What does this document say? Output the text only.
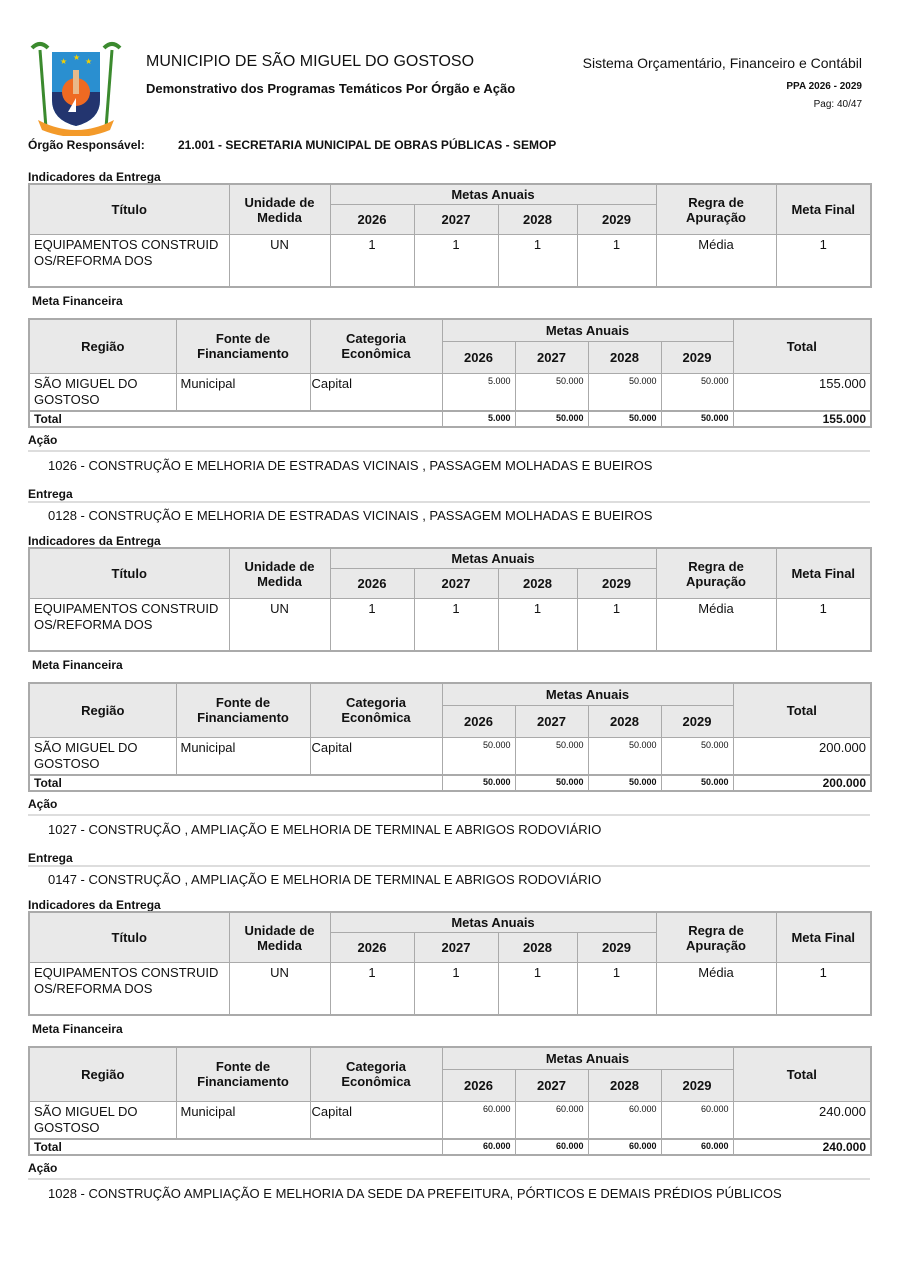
★ ★
★	MUNICIPIO DE SÃO MIGUEL DO GOSTOSO
Demonstrativo dos Programas Temáticos Por Órgão e Ação
Sistema Orçamentário, Financeiro e Contábil
PPA 2026 - 2029
Pag: 40/47
Órgão Responsável:	21.001 - SECRETARIA MUNICIPAL DE OBRAS PÚBLICAS - SEMOP
Indicadores da Entrega
Título	Unidade de Medida	Metas Anuais				Regra de Apuração	Meta Final
		2026	2027	2028	2029		
EQUIPAMENTOS CONSTRUIDOS/REFORMA DOS	UN	1	1	1	1	Média	1
Meta Financeira
Região	Fonte de Financiamento	Categoria Econômica	Metas Anuais				Total
			2026	2027	2028	2029	
SÃO MIGUEL DO GOSTOSO	Municipal	Capital	5.000	50.000	50.000	50.000	155.000
Total			5.000	50.000	50.000	50.000	155.000
Ação
1026 - CONSTRUÇÃO E MELHORIA DE ESTRADAS VICINAIS , PASSAGEM MOLHADAS E BUEIROS
Entrega
0128 - CONSTRUÇÃO E MELHORIA DE ESTRADAS VICINAIS , PASSAGEM MOLHADAS E BUEIROS
Indicadores da Entrega
Título	Unidade de Medida	Metas Anuais				Regra de Apuração	Meta Final
		2026	2027	2028	2029		
EQUIPAMENTOS CONSTRUIDOS/REFORMA DOS	UN	1	1	1	1	Média	1
Meta Financeira
Região	Fonte de Financiamento	Categoria Econômica	Metas Anuais				Total
			2026	2027	2028	2029	
SÃO MIGUEL DO GOSTOSO	Municipal	Capital	50.000	50.000	50.000	50.000	200.000
Total			50.000	50.000	50.000	50.000	200.000
Ação
1027 - CONSTRUÇÃO , AMPLIAÇÃO E MELHORIA DE TERMINAL E ABRIGOS RODOVIÁRIO
Entrega
0147 - CONSTRUÇÃO , AMPLIAÇÃO E MELHORIA DE TERMINAL E ABRIGOS RODOVIÁRIO
Indicadores da Entrega
Título	Unidade de Medida	Metas Anuais				Regra de Apuração	Meta Final
		2026	2027	2028	2029		
EQUIPAMENTOS CONSTRUIDOS/REFORMA DOS	UN	1	1	1	1	Média	1
Meta Financeira
Região	Fonte de Financiamento	Categoria Econômica	Metas Anuais				Total
			2026	2027	2028	2029	
SÃO MIGUEL DO GOSTOSO	Municipal	Capital	60.000	60.000	60.000	60.000	240.000
Total			60.000	60.000	60.000	60.000	240.000
Ação
1028 - CONSTRUÇÃO AMPLIAÇÃO E MELHORIA DA SEDE DA PREFEITURA, PÓRTICOS E DEMAIS PRÉDIOS PÚBLICOS
